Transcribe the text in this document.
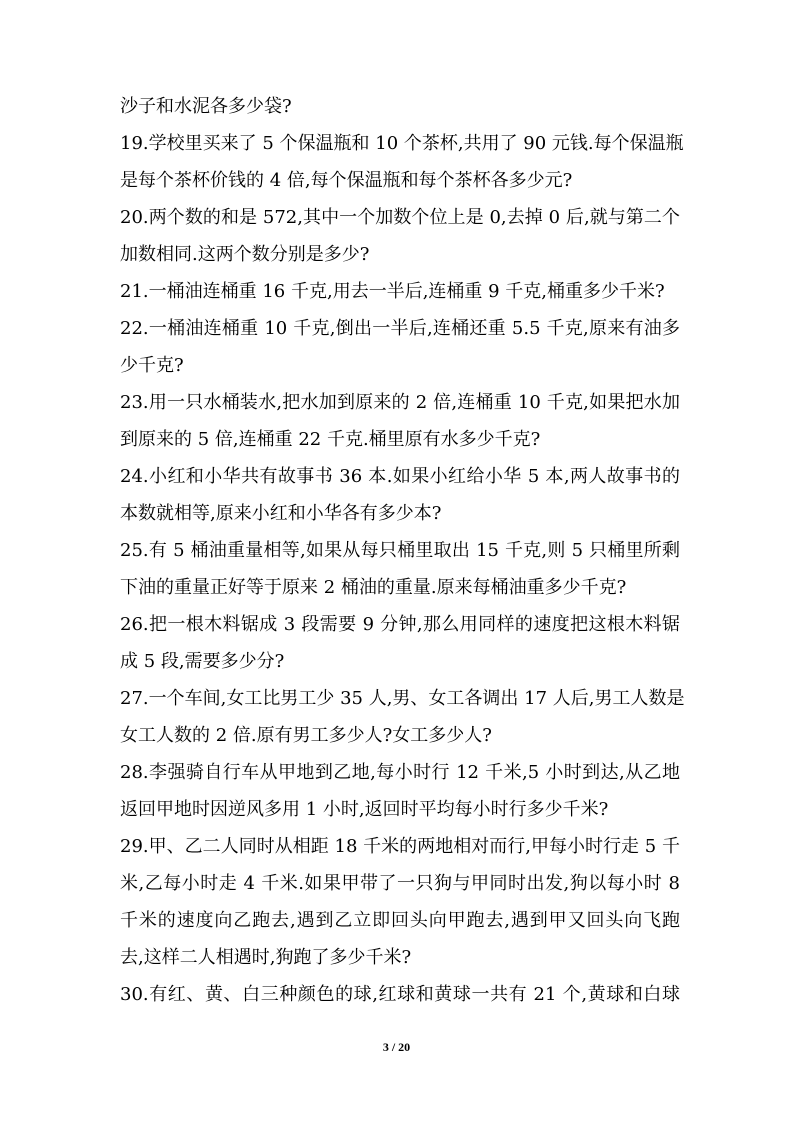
沙子和水泥各多少袋?
19.学校里买来了 5 个保温瓶和 10 个茶杯,共用了 90 元钱.每个保温瓶
是每个茶杯价钱的 4 倍,每个保温瓶和每个茶杯各多少元?
20.两个数的和是 572,其中一个加数个位上是 0,去掉 0 后,就与第二个
加数相同.这两个数分别是多少?
21.一桶油连桶重 16 千克,用去一半后,连桶重 9 千克,桶重多少千米?
22.一桶油连桶重 10 千克,倒出一半后,连桶还重 5.5 千克,原来有油多
少千克?
23.用一只水桶装水,把水加到原来的 2 倍,连桶重 10 千克,如果把水加
到原来的 5 倍,连桶重 22 千克.桶里原有水多少千克?
24.小红和小华共有故事书 36 本.如果小红给小华 5 本,两人故事书的
本数就相等,原来小红和小华各有多少本?
25.有 5 桶油重量相等,如果从每只桶里取出 15 千克,则 5 只桶里所剩
下油的重量正好等于原来 2 桶油的重量.原来每桶油重多少千克?
26.把一根木料锯成 3 段需要 9 分钟,那么用同样的速度把这根木料锯
成 5 段,需要多少分?
27.一个车间,女工比男工少 35 人,男、女工各调出 17 人后,男工人数是
女工人数的 2 倍.原有男工多少人?女工多少人?
28.李强骑自行车从甲地到乙地,每小时行 12 千米,5 小时到达,从乙地
返回甲地时因逆风多用 1 小时,返回时平均每小时行多少千米?
29.甲、乙二人同时从相距 18 千米的两地相对而行,甲每小时行走 5 千
米,乙每小时走 4 千米.如果甲带了一只狗与甲同时出发,狗以每小时 8
千米的速度向乙跑去,遇到乙立即回头向甲跑去,遇到甲又回头向飞跑
去,这样二人相遇时,狗跑了多少千米?
30.有红、黄、白三种颜色的球,红球和黄球一共有 21 个,黄球和白球
3 / 20
